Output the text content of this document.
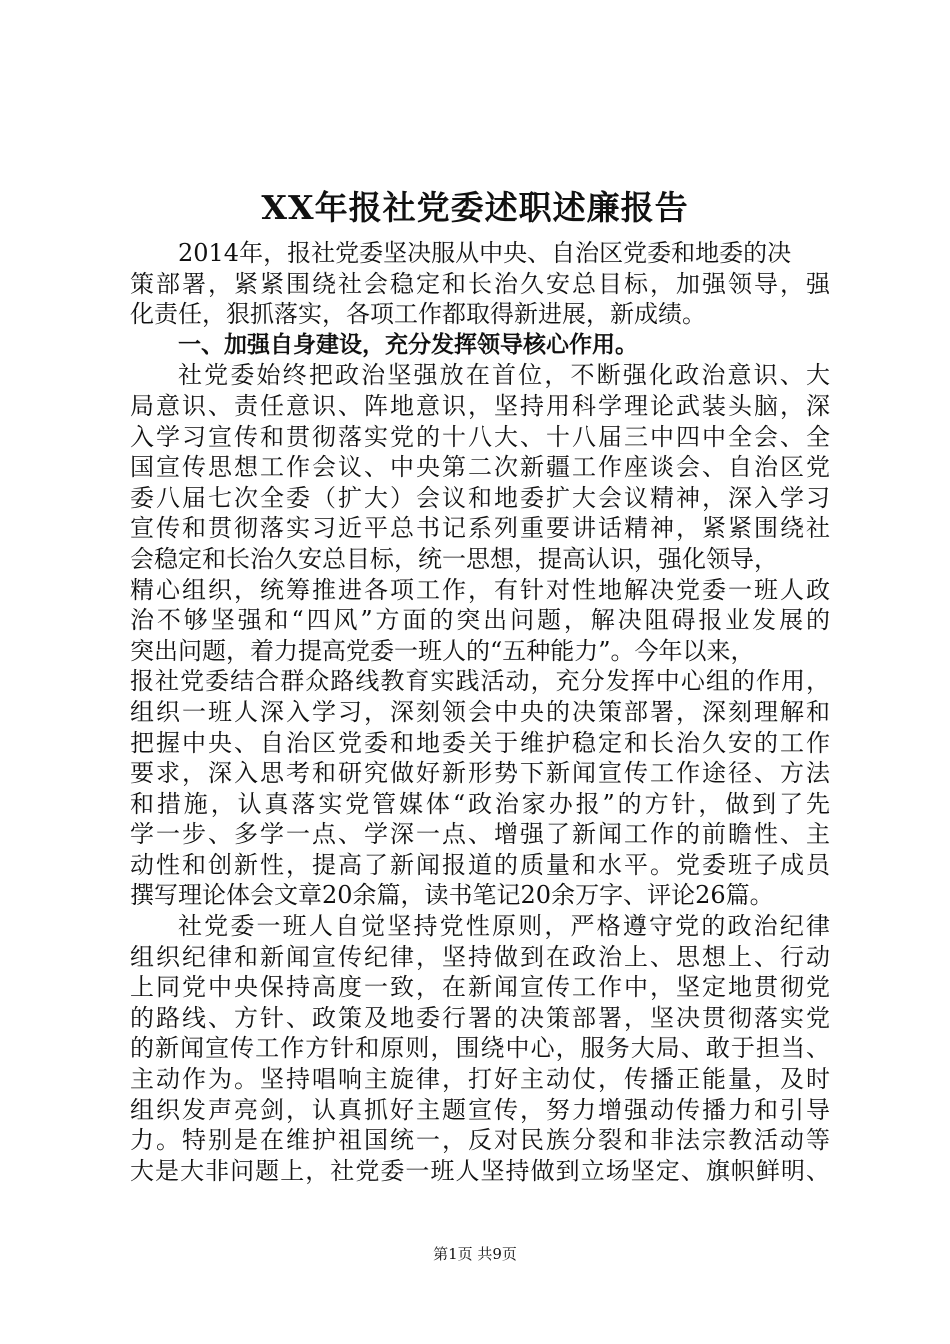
XX年报社党委述职述廉报告
2014年，报社党委坚决服从中央、自治区党委和地委的决
策部署，紧紧围绕社会稳定和长治久安总目标，加强领导，强
化责任，狠抓落实，各项工作都取得新进展，新成绩。
一、加强自身建设，充分发挥领导核心作用。
社党委始终把政治坚强放在首位，不断强化政治意识、大
局意识、责任意识、阵地意识，坚持用科学理论武装头脑，深
入学习宣传和贯彻落实党的十八大、十八届三中四中全会、全
国宣传思想工作会议、中央第二次新疆工作座谈会、自治区党
委八届七次全委（扩大）会议和地委扩大会议精神，深入学习
宣传和贯彻落实习近平总书记系列重要讲话精神，紧紧围绕社
会稳定和长治久安总目标，统一思想，提高认识，强化领导，
精心组织，统筹推进各项工作，有针对性地解决党委一班人政
治不够坚强和“四风”方面的突出问题，解决阻碍报业发展的
突出问题，着力提高党委一班人的“五种能力”。今年以来，
报社党委结合群众路线教育实践活动，充分发挥中心组的作用，
组织一班人深入学习，深刻领会中央的决策部署，深刻理解和
把握中央、自治区党委和地委关于维护稳定和长治久安的工作
要求，深入思考和研究做好新形势下新闻宣传工作途径、方法
和措施，认真落实党管媒体“政治家办报”的方针，做到了先
学一步、多学一点、学深一点、增强了新闻工作的前瞻性、主
动性和创新性，提高了新闻报道的质量和水平。党委班子成员
撰写理论体会文章20余篇，读书笔记20余万字、评论26篇。
社党委一班人自觉坚持党性原则，严格遵守党的政治纪律
组织纪律和新闻宣传纪律，坚持做到在政治上、思想上、行动
上同党中央保持高度一致，在新闻宣传工作中，坚定地贯彻党
的路线、方针、政策及地委行署的决策部署，坚决贯彻落实党
的新闻宣传工作方针和原则，围绕中心，服务大局、敢于担当、
主动作为。坚持唱响主旋律，打好主动仗，传播正能量，及时
组织发声亮剑，认真抓好主题宣传，努力增强动传播力和引导
力。特别是在维护祖国统一，反对民族分裂和非法宗教活动等
大是大非问题上，社党委一班人坚持做到立场坚定、旗帜鲜明、
第1页 共9页
